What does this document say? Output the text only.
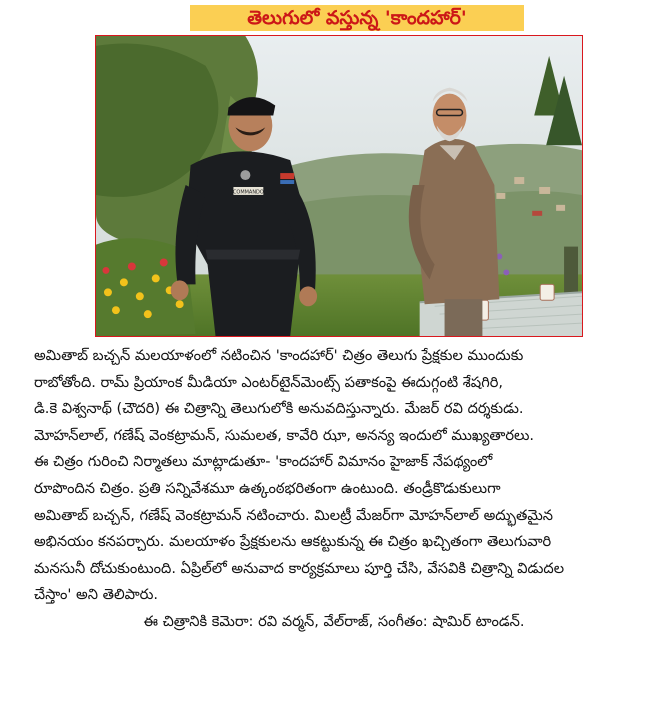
తెలుగులో వస్తున్న 'కాందహార్'
COMMANDO

అమితాబ్ బచ్చన్ మలయాళంలో నటించిన 'కాందహార్' చిత్రం తెలుగు ప్రేక్షకుల ముందుకు

రాబోతోంది. రామ్ ప్రియాంక మీడియా ఎంటర్‌టైన్‌మెంట్స్ పతాకంపై ఈదుగ్గంటి శేషగిరి,

డి.కె విశ్వనాథ్ (చౌదరి) ఈ చిత్రాన్ని తెలుగులోకి అనువదిస్తున్నారు. మేజర్ రవి దర్శకుడు.

మోహన్‌లాల్, గణేష్ వెంకట్రామన్, సుమలత, కావేరి ఝా, అనన్య ఇందులో ముఖ్యతారలు.

ఈ చిత్రం గురించి నిర్మాతలు మాట్లాడుతూ- 'కాందహార్ విమానం హైజాక్ నేపథ్యంలో

రూపొందిన చిత్రం. ప్రతి సన్నివేశమూ ఉత్కంఠభరితంగా ఉంటుంది. తండ్రీకొడుకులుగా

అమితాబ్ బచ్చన్, గణేష్ వెంకట్రామన్ నటించారు. మిలట్రీ మేజర్‌గా మోహన్‌లాల్ అద్భుతమైన

అభినయం కనపర్చారు. మలయాళం ప్రేక్షకులను ఆకట్టుకున్న ఈ చిత్రం ఖచ్చితంగా తెలుగువారి

మనసునీ దోచుకుంటుంది. ఏప్రిల్‌లో అనువాద కార్యక్రమాలు పూర్తి చేసి, వేసవికి చిత్రాన్ని విడుదల

చేస్తాం' అని తెలిపారు.

ఈ చిత్రానికి కెమెరా: రవి వర్మన్, వేల్‌రాజ్, సంగీతం: షామిర్ టాండన్.
